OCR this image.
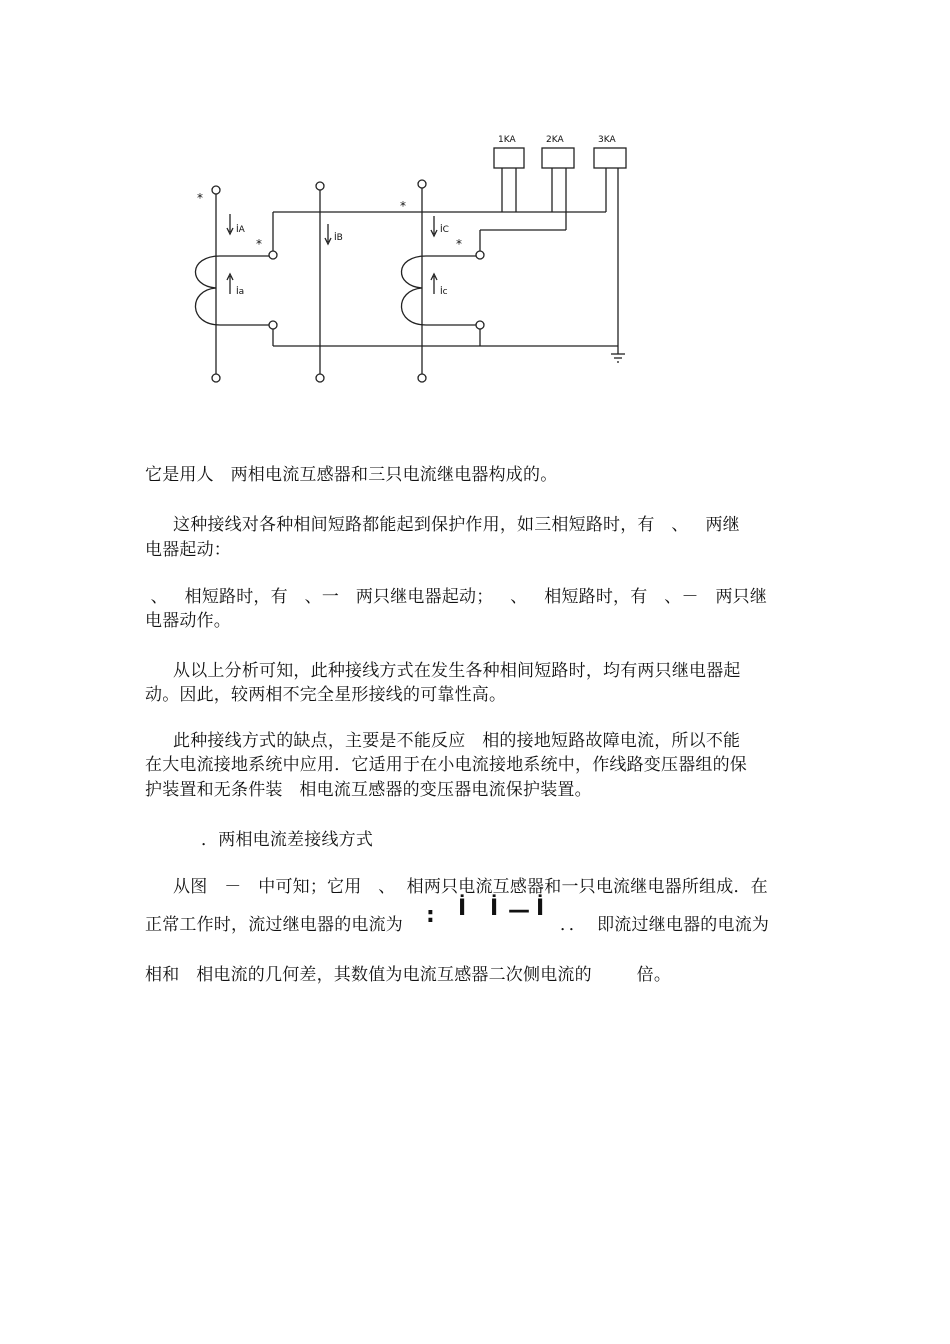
1KA	2KA	3KA
İA
İB
İC
İa	İc
*
*
*
*
它是用人   两相电流互感器和三只电流继电器构成的。
这种接线对各种相间短路都能起到保护作用，如三相短路时，有   、   两继
电器起动：
、   相短路时，有   、一   两只继电器起动；   、   相短路时，有   、－   两只继
电器动作。
从以上分析可知，此种接线方式在发生各种相间短路时，均有两只继电器起
动。因此，较两相不完全星形接线的可靠性高。
此种接线方式的缺点，主要是不能反应   相的接地短路故障电流，所以不能
在大电流接地系统中应用．它适用于在小电流接地系统中，作线路变压器组的保
护装置和无条件装   相电流互感器的变压器电流保护装置。
．两相电流差接线方式
从图   －   中可知；它用   、  相两只电流互感器和一只电流继电器所组成．在
正常工作时，流过继电器的电流为 : İ İ — İ
．．  即流过继电器的电流为
相和   相电流的几何差，其数值为电流互感器二次侧电流的        倍。
